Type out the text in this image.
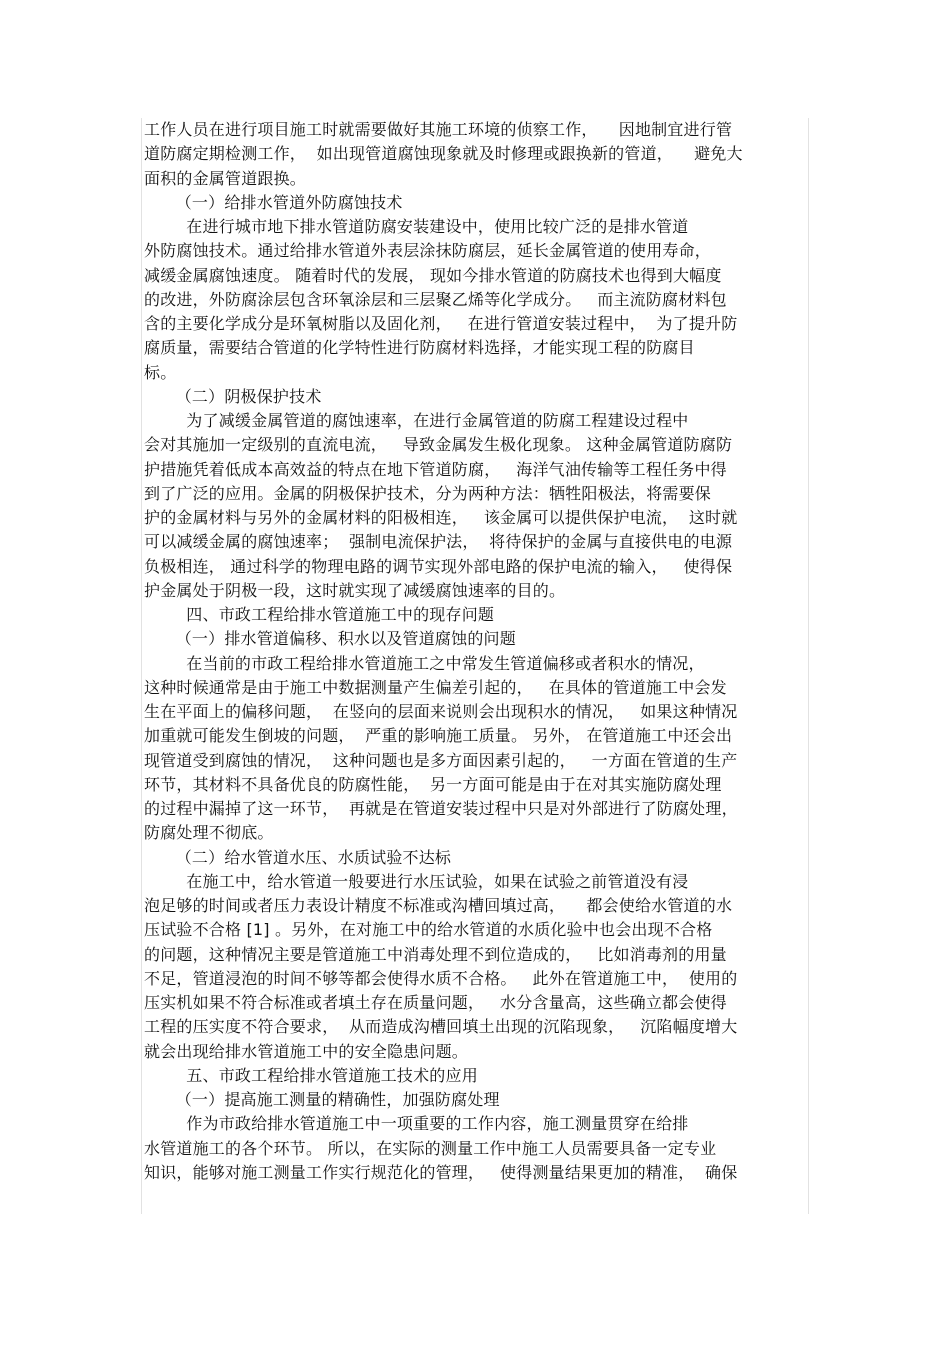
工作人员在进行项目施工时就需要做好其施工环境的侦察工作，    因地制宜进行管
道防腐定期检测工作，  如出现管道腐蚀现象就及时修理或跟换新的管道，    避免大
面积的金属管道跟换。
（一）给排水管道外防腐蚀技术
在进行城市地下排水管道防腐安装建设中，使用比较广泛的是排水管道
外防腐蚀技术。通过给排水管道外表层涂抹防腐层，延长金属管道的使用寿命，
减缓金属腐蚀速度。 随着时代的发展， 现如今排水管道的防腐技术也得到大幅度
的改进，外防腐涂层包含环氧涂层和三层聚乙烯等化学成分。   而主流防腐材料包
含的主要化学成分是环氧树脂以及固化剂，   在进行管道安装过程中，  为了提升防
腐质量，需要结合管道的化学特性进行防腐材料选择，才能实现工程的防腐目
标。
（二）阴极保护技术
为了减缓金属管道的腐蚀速率，在进行金属管道的防腐工程建设过程中
会对其施加一定级别的直流电流，   导致金属发生极化现象。 这种金属管道防腐防
护措施凭着低成本高效益的特点在地下管道防腐，   海洋气油传输等工程任务中得
到了广泛的应用。金属的阴极保护技术，分为两种方法：牺牲阳极法，将需要保
护的金属材料与另外的金属材料的阳极相连，   该金属可以提供保护电流，  这时就
可以减缓金属的腐蚀速率；  强制电流保护法，  将待保护的金属与直接供电的电源
负极相连， 通过科学的物理电路的调节实现外部电路的保护电流的输入，   使得保
护金属处于阴极一段，这时就实现了减缓腐蚀速率的目的。
四、市政工程给排水管道施工中的现存问题
（一）排水管道偏移、积水以及管道腐蚀的问题
在当前的市政工程给排水管道施工之中常发生管道偏移或者积水的情况，
这种时候通常是由于施工中数据测量产生偏差引起的，   在具体的管道施工中会发
生在平面上的偏移问题，  在竖向的层面来说则会出现积水的情况，   如果这种情况
加重就可能发生倒坡的问题，  严重的影响施工质量。 另外， 在管道施工中还会出
现管道受到腐蚀的情况，  这种问题也是多方面因素引起的，   一方面在管道的生产
环节，其材料不具备优良的防腐性能，  另一方面可能是由于在对其实施防腐处理
的过程中漏掉了这一环节，  再就是在管道安装过程中只是对外部进行了防腐处理，
防腐处理不彻底。
（二）给水管道水压、水质试验不达标
在施工中，给水管道一般要进行水压试验，如果在试验之前管道没有浸
泡足够的时间或者压力表设计精度不标准或沟槽回填过高，    都会使给水管道的水
压试验不合格 [1] 。另外，在对施工中的给水管道的水质化验中也会出现不合格
的问题，这种情况主要是管道施工中消毒处理不到位造成的，   比如消毒剂的用量
不足，管道浸泡的时间不够等都会使得水质不合格。   此外在管道施工中，  使用的
压实机如果不符合标准或者填土存在质量问题，   水分含量高，这些确立都会使得
工程的压实度不符合要求，  从而造成沟槽回填土出现的沉陷现象，   沉陷幅度增大
就会出现给排水管道施工中的安全隐患问题。
五、市政工程给排水管道施工技术的应用
（一）提高施工测量的精确性，加强防腐处理
作为市政给排水管道施工中一项重要的工作内容，施工测量贯穿在给排
水管道施工的各个环节。 所以，在实际的测量工作中施工人员需要具备一定专业
知识，能够对施工测量工作实行规范化的管理，   使得测量结果更加的精准，  确保
